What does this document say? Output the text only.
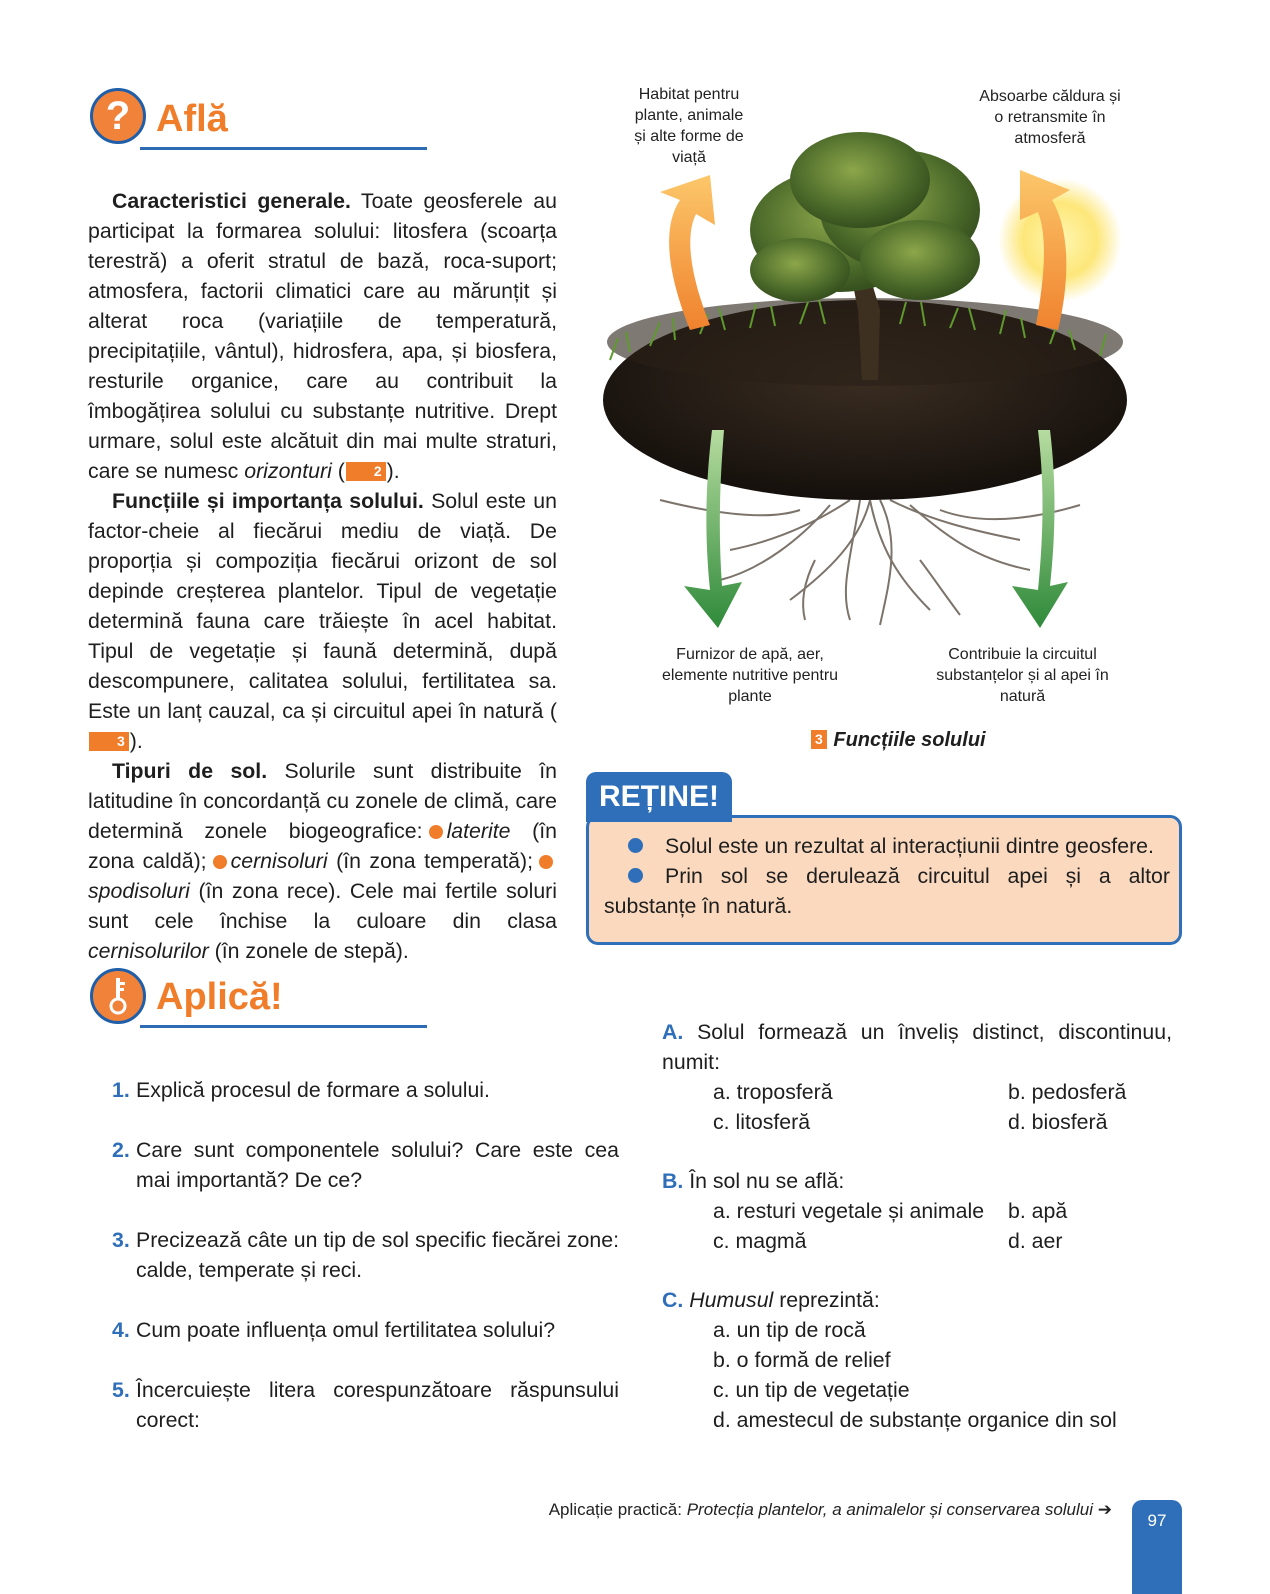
? Află

Caracteristici generale. Toate geosferele au participat la formarea solului: litosfera (scoarța terestră) a oferit stratul de bază, roca-suport; atmosfera, factorii climatici care au mărunțit și alterat roca (variațiile de temperatură, precipitațiile, vântul), hidrosfera, apa, și biosfera, resturile organice, care au contribuit la îmbogățirea solului cu substanțe nutritive. Drept urmare, solul este alcătuit din mai multe straturi, care se numesc orizonturi ( 2 ).

Funcțiile și importanța solului. Solul este un factor-cheie al fiecărui mediu de viață. De proporția și compoziția fiecărui orizont de sol depinde creșterea plantelor. Tipul de vegetație determină fauna care trăiește în acel habitat. Tipul de vegetație și faună determină, după descompunere, calitatea solului, fertilitatea sa. Este un lanț cauzal, ca și circuitul apei în natură (3 ).

Tipuri de sol. Solurile sunt distribuite în latitudine în concordanță cu zonele de climă, care determină zonele biogeografice: laterite (în zona caldă); cernisoluri (în zona temperată);spodisoluri (în zona rece). Cele mai fertile soluri sunt cele închise la culoare din clasa cernisolurilor (în zonele de stepă).

Habitat pentru plante, animale și alte forme de viață
Absoarbe căldura și o retransmite în atmosferă
Furnizor de apă, aer, elemente nutritive pentru plante
Contribuie la circuitul substanțelor și al apei în natură
3 Funcțiile solului
REȚINE!

Solul este un rezultat al interacțiunii dintre geosfere.

Prin sol se derulează circuitul apei și a altor substanțe în natură.

Aplică!
1. Explică procesul de formare a solului.
2. Care sunt componentele solului? Care este cea mai importantă? De ce?
3. Precizează câte un tip de sol specific fiecărei zone: calde, temperate și reci.
4. Cum poate influența omul fertilitatea solului?
5. Încercuiește litera corespunzătoare răspunsului corect:
A. Solul formează un înveliș distinct, discontinuu, numit:
a. troposferă	b. pedosferă
c. litosferă	d. biosferă
B. În sol nu se află:
a. resturi vegetale și animale b. apă
c. magmă	d. aer
C. Humusul reprezintă:
a. un tip de rocă
b. o formă de relief
c. un tip de vegetație
d. amestecul de substanțe organice din sol
Aplicație practică: Protecția plantelor, a animalelor și conservarea solului ➔
97
